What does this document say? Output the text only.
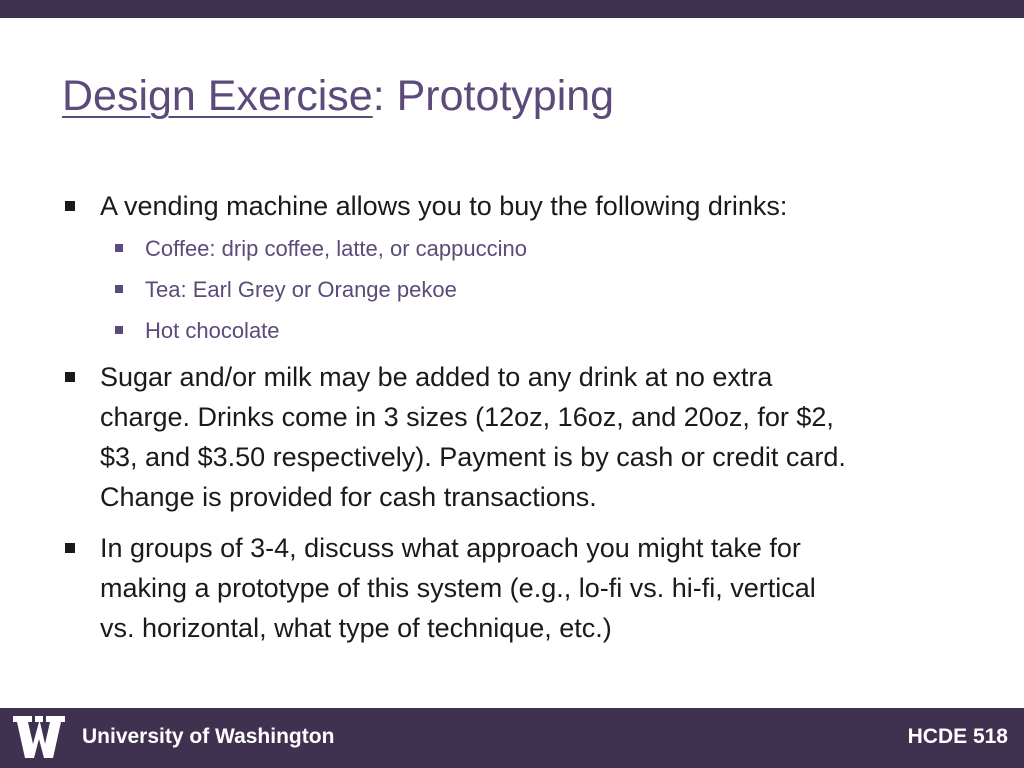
Design Exercise: Prototyping
A vending machine allows you to buy the following drinks:
Coffee: drip coffee, latte, or cappuccino
Tea: Earl Grey or Orange pekoe
Hot chocolate
Sugar and/or milk may be added to any drink at no extra
charge. Drinks come in 3 sizes (12oz, 16oz, and 20oz, for $2,
$3, and $3.50 respectively). Payment is by cash or credit card.
Change is provided for cash transactions.
In groups of 3-4, discuss what approach you might take for
making a prototype of this system (e.g., lo-fi vs. hi-fi, vertical
vs. horizontal, what type of technique, etc.)
University of Washington	HCDE 518
